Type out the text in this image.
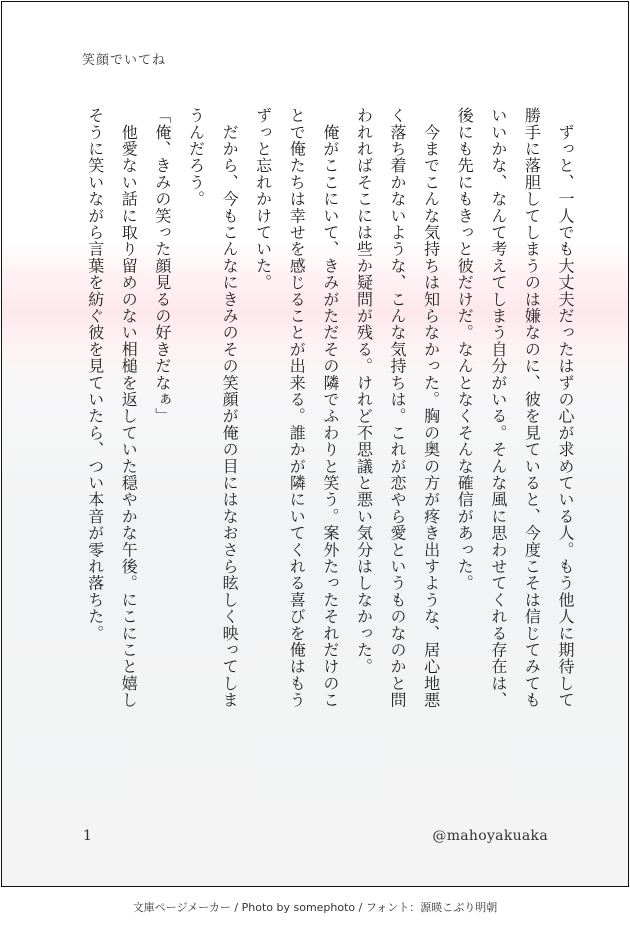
笑顔でいてね

　ずっと、一人でも大丈夫だったはずの心が求めている人。もう他人に期待して

勝手に落胆してしまうのは嫌なのに、彼を見ていると、今度こそは信じてみても

いいかな、なんて考えてしまう自分がいる。そんな風に思わせてくれる存在は、

後にも先にもきっと彼だけだ。なんとなくそんな確信があった。

　今までこんな気持ちは知らなかった。胸の奥の方が疼き出すような、居心地悪

く落ち着かないような、こんな気持ちは。これが恋やら愛というものなのかと問

われればそこには些か疑問が残る。けれど不思議と悪い気分はしなかった。

　俺がここにいて、きみがただその隣でふわりと笑う。案外たったそれだけのこ

とで俺たちは幸せを感じることが出来る。誰かが隣にいてくれる喜びを俺はもう

ずっと忘れかけていた。

　だから、今もこんなにきみのその笑顔が俺の目にはなおさら眩しく映ってしま

うんだろう。

「俺、きみの笑った顔見るの好きだなぁ」

　他愛ない話に取り留めのない相槌を返していた穏やかな午後。にこにこと嬉し

そうに笑いながら言葉を紡ぐ彼を見ていたら、つい本音が零れ落ちた。

1	@mahoyakuaka
文庫ページメーカー / Photo by somephoto / フォント：源暎こぶり明朝
